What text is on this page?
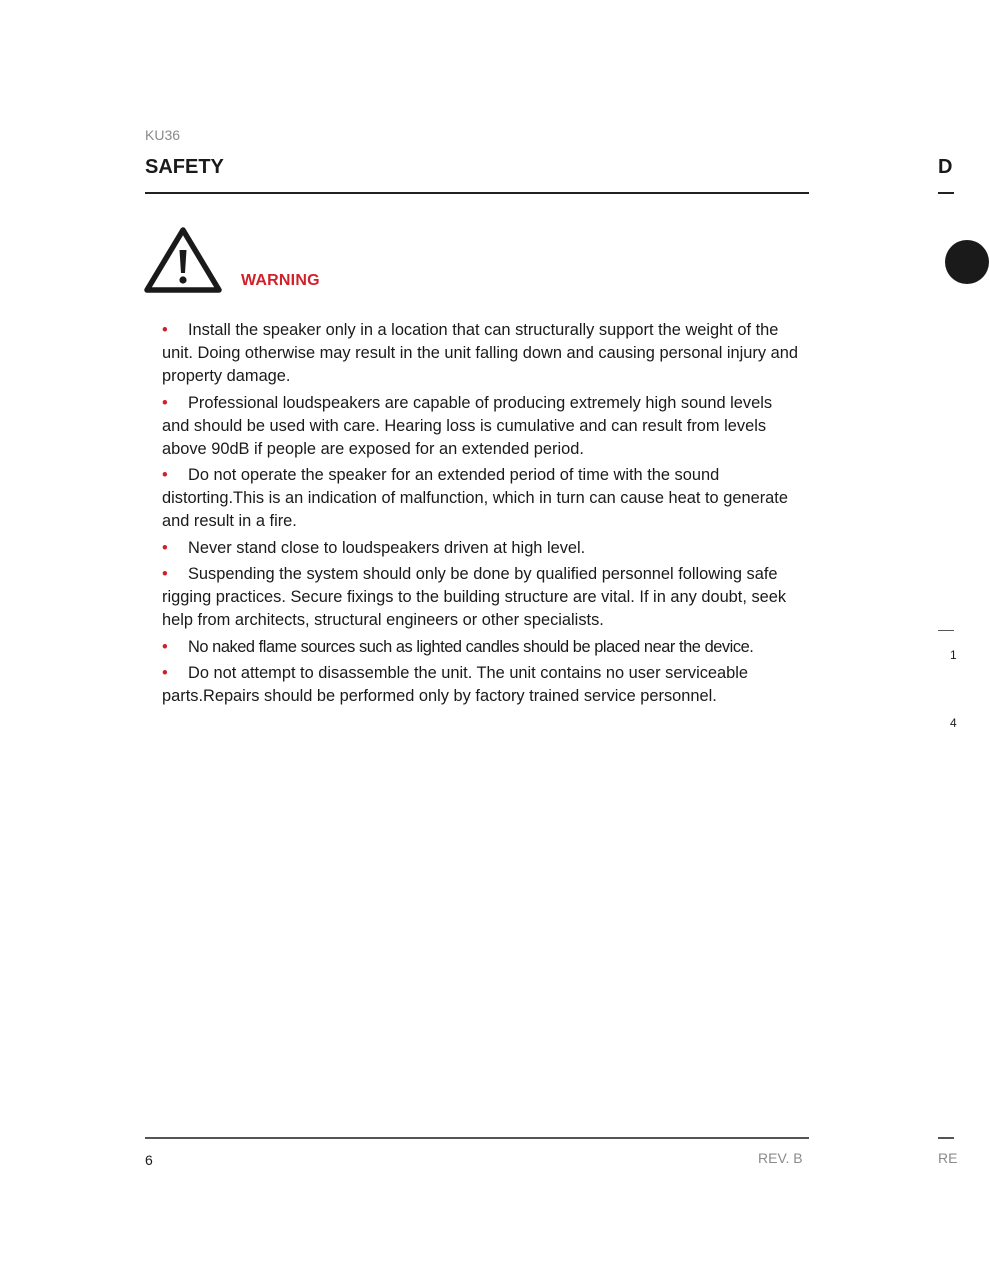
KU36
SAFETY
WARNING
• Install the speaker only in a location that can structurally support the weight of the unit. Doing otherwise may result in the unit falling down and causing personal injury and property damage.
• Professional loudspeakers are capable of producing extremely high sound levels and should be used with care. Hearing loss is cumulative and can result from levels above 90dB if people are exposed for an extended period.
• Do not operate the speaker for an extended period of time with the sound distorting.This is an indication of malfunction, which in turn can cause heat to generate and result in a fire.
• Never stand close to loudspeakers driven at high level.
• Suspending the system should only be done by qualified personnel following safe rigging practices. Secure fixings to the building structure are vital. If in any doubt, seek help from architects, structural engineers or other specialists.
• No naked flame sources such as lighted candles should be placed near the device.
• Do not attempt to disassemble the unit. The unit contains no user serviceable parts.Repairs should be performed only by factory trained service personnel.
6	REV. B
D
1
4
RE
